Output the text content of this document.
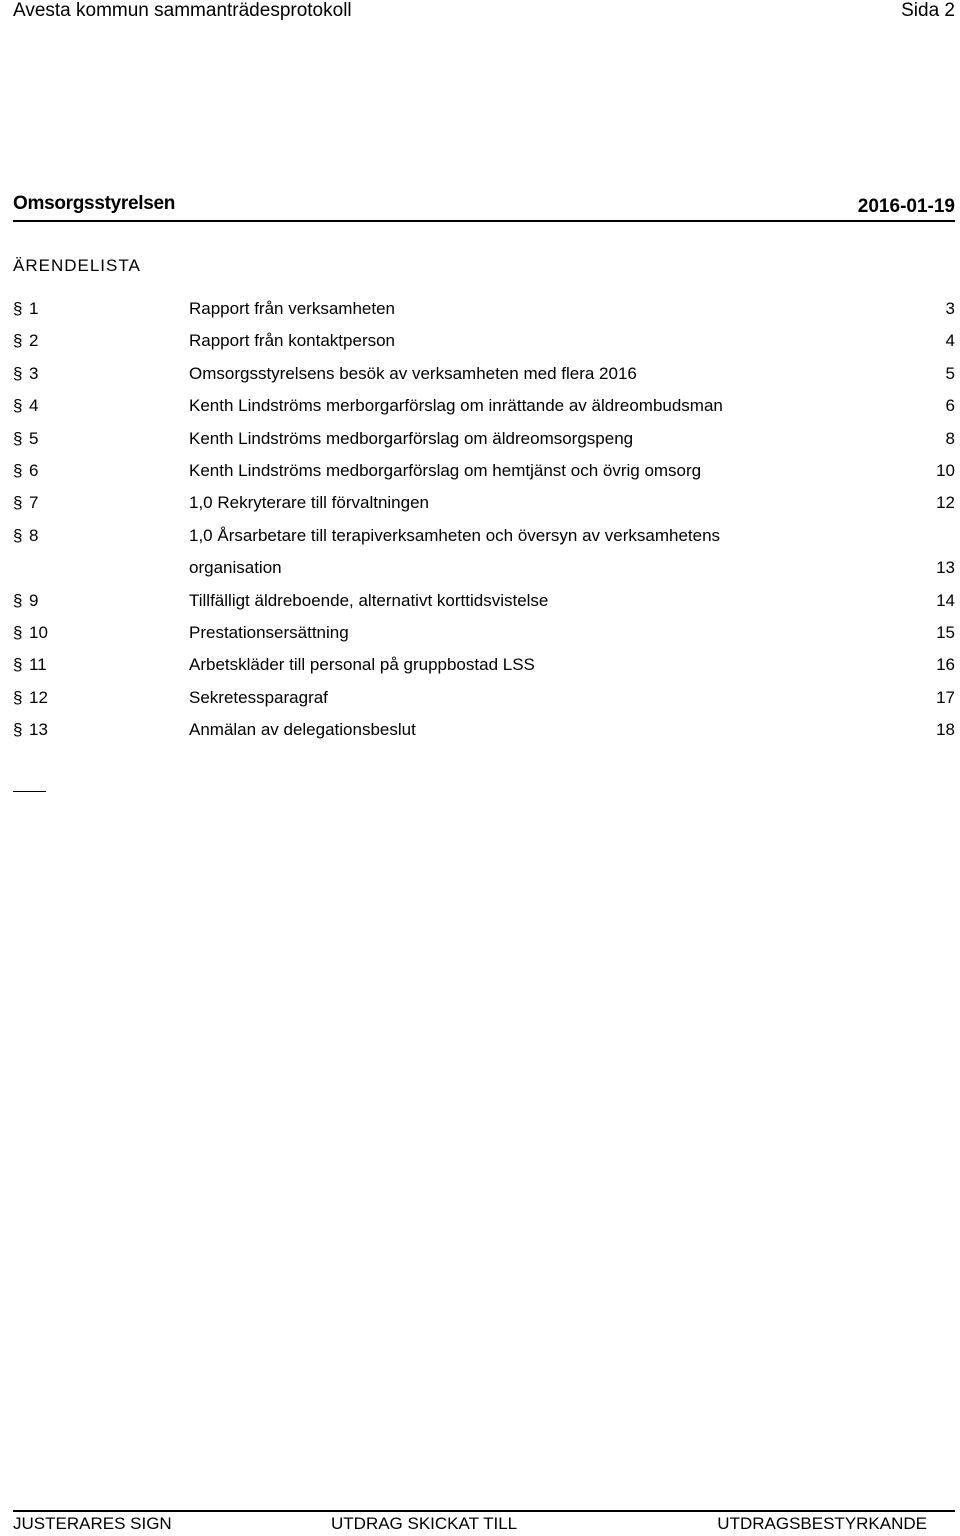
Avesta kommun sammanträdesprotokoll	Sida 2
Omsorgsstyrelsen	2016-01-19
ÄRENDELISTA
§ 1	Rapport från verksamheten	3
§ 2	Rapport från kontaktperson	4
§ 3	Omsorgsstyrelsens besök av verksamheten med flera 2016	5
§ 4	Kenth Lindströms merborgarförslag om inrättande av äldreombudsman	6
§ 5	Kenth Lindströms medborgarförslag om äldreomsorgspeng	8
§ 6	Kenth Lindströms medborgarförslag om hemtjänst och övrig omsorg	10
§ 7	1,0 Rekryterare till förvaltningen	12
§ 8	1,0 Årsarbetare till terapiverksamheten och översyn av verksamhetens
organisation	13
§ 9	Tillfälligt äldreboende, alternativt korttidsvistelse	14
§ 10	Prestationsersättning	15
§ 11	Arbetskläder till personal på gruppbostad LSS	16
§ 12	Sekretessparagraf	17
§ 13	Anmälan av delegationsbeslut	18
JUSTERARES SIGN	UTDRAG SKICKAT TILL	UTDRAGSBESTYRKANDE
